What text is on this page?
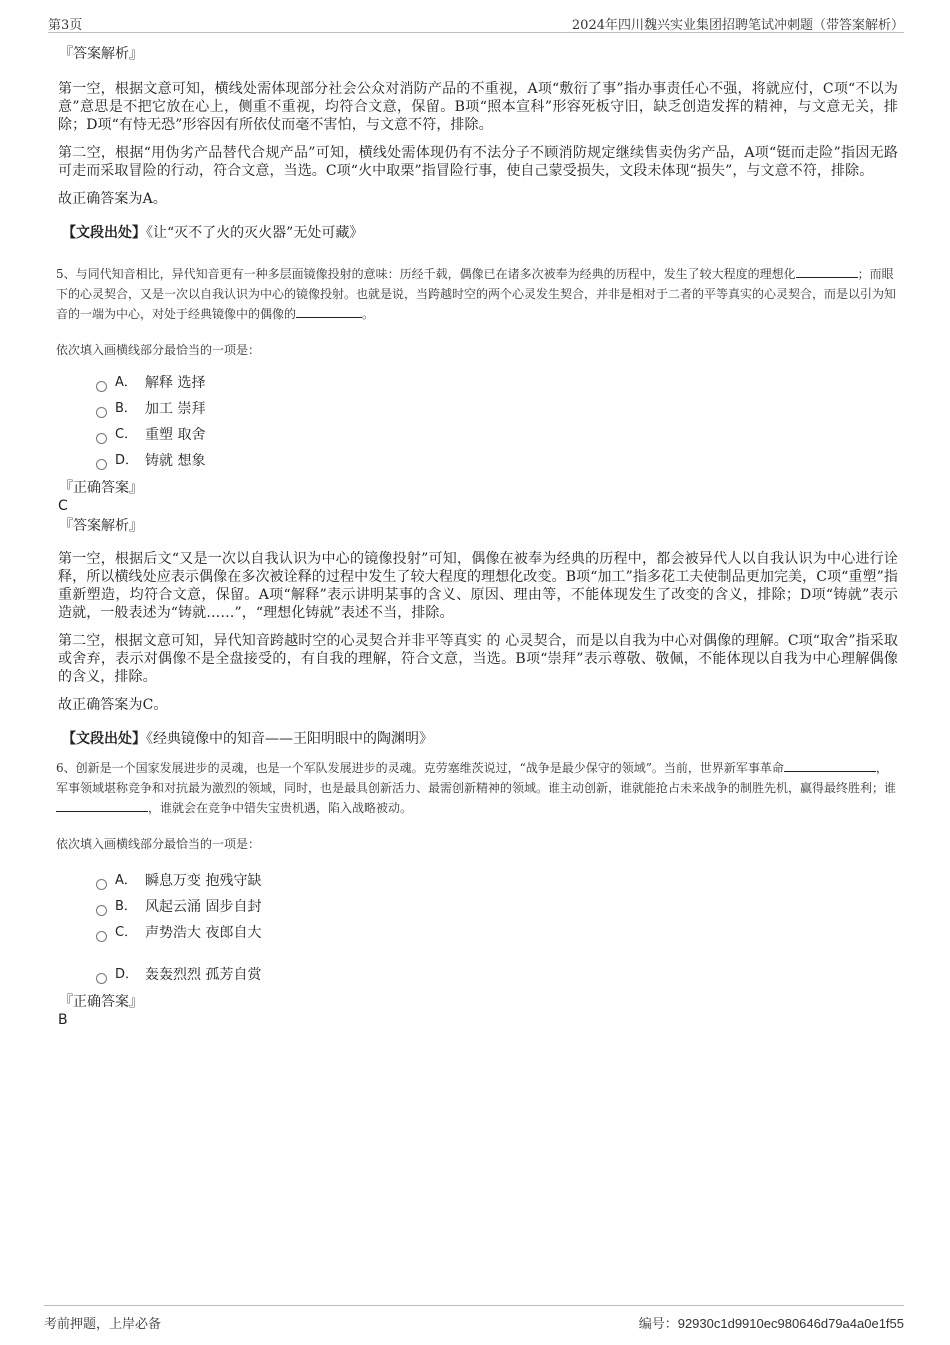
第3页	2024年四川魏兴实业集团招聘笔试冲刺题（带答案解析）

『答案解析』

第一空，根据文意可知，横线处需体现部分社会公众对消防产品的不重视，A项“敷衍了事”指办事责任心不强，将就应付，C项“不以为意”意思是不把它放在心上，侧重不重视，均符合文意，保留。B项“照本宣科”形容死板守旧，缺乏创造发挥的精神，与文意无关，排除；D项“有恃无恐”形容因有所依仗而毫不害怕，与文意不符，排除。

第二空，根据“用伪劣产品替代合规产品”可知，横线处需体现仍有不法分子不顾消防规定继续售卖伪劣产品，A项“铤而走险”指因无路可走而采取冒险的行动，符合文意，当选。C项“火中取栗”指冒险行事，使自己蒙受损失，文段未体现“损失”，与文意不符，排除。

故正确答案为A。

【文段出处】《让“灭不了火的灭火器”无处可藏》

5、与同代知音相比，异代知音更有一种多层面镜像投射的意味：历经千载，偶像已在诸多次被奉为经典的历程中，发生了较大程度的理想化	；而眼下的心灵契合，又是一次以自我认识为中心的镜像投射。也就是说，当跨越时空的两个心灵发生契合，并非是相对于二者的平等真实的心灵契合，而是以引为知音的一端为中心，对处于经典镜像中的偶像的	。

依次填入画横线部分最恰当的一项是：

A． 解释 选择
B． 加工 崇拜
C． 重塑 取舍
D． 铸就 想象

『正确答案』

C

『答案解析』

第一空，根据后文“又是一次以自我认识为中心的镜像投射”可知，偶像在被奉为经典的历程中，都会被异代人以自我认识为中心进行诠释，所以横线处应表示偶像在多次被诠释的过程中发生了较大程度的理想化改变。B项“加工”指多花工夫使制品更加完美，C项“重塑”指重新塑造，均符合文意，保留。A项“解释”表示讲明某事的含义、原因、理由等，不能体现发生了改变的含义，排除；D项“铸就”表示造就，一般表述为“铸就……”，“理想化铸就”表述不当，排除。

第二空，根据文意可知，异代知音跨越时空的心灵契合并非平等真实 的 心灵契合，而是以自我为中心对偶像的理解。C项“取舍”指采取或舍弃，表示对偶像不是全盘接受的，有自我的理解，符合文意，当选。B项“崇拜”表示尊敬、敬佩，不能体现以自我为中心理解偶像的含义，排除。

故正确答案为C。

【文段出处】《经典镜像中的知音——王阳明眼中的陶渊明》

6、创新是一个国家发展进步的灵魂，也是一个军队发展进步的灵魂。克劳塞维茨说过，“战争是最少保守的领域”。当前，世界新军事革命	，军事领域堪称竞争和对抗最为激烈的领域，同时，也是最具创新活力、最需创新精神的领域。谁主动创新，谁就能抢占未来战争的制胜先机，赢得最终胜利；谁，谁就会在竞争中错失宝贵机遇，陷入战略被动。

依次填入画横线部分最恰当的一项是：

A． 瞬息万变 抱残守缺
B． 风起云涌 固步自封
C． 声势浩大 夜郎自大
D． 轰轰烈烈 孤芳自赏

『正确答案』

B

考前押题，上岸必备	编号：92930c1d9910ec980646d79a4a0e1f55
